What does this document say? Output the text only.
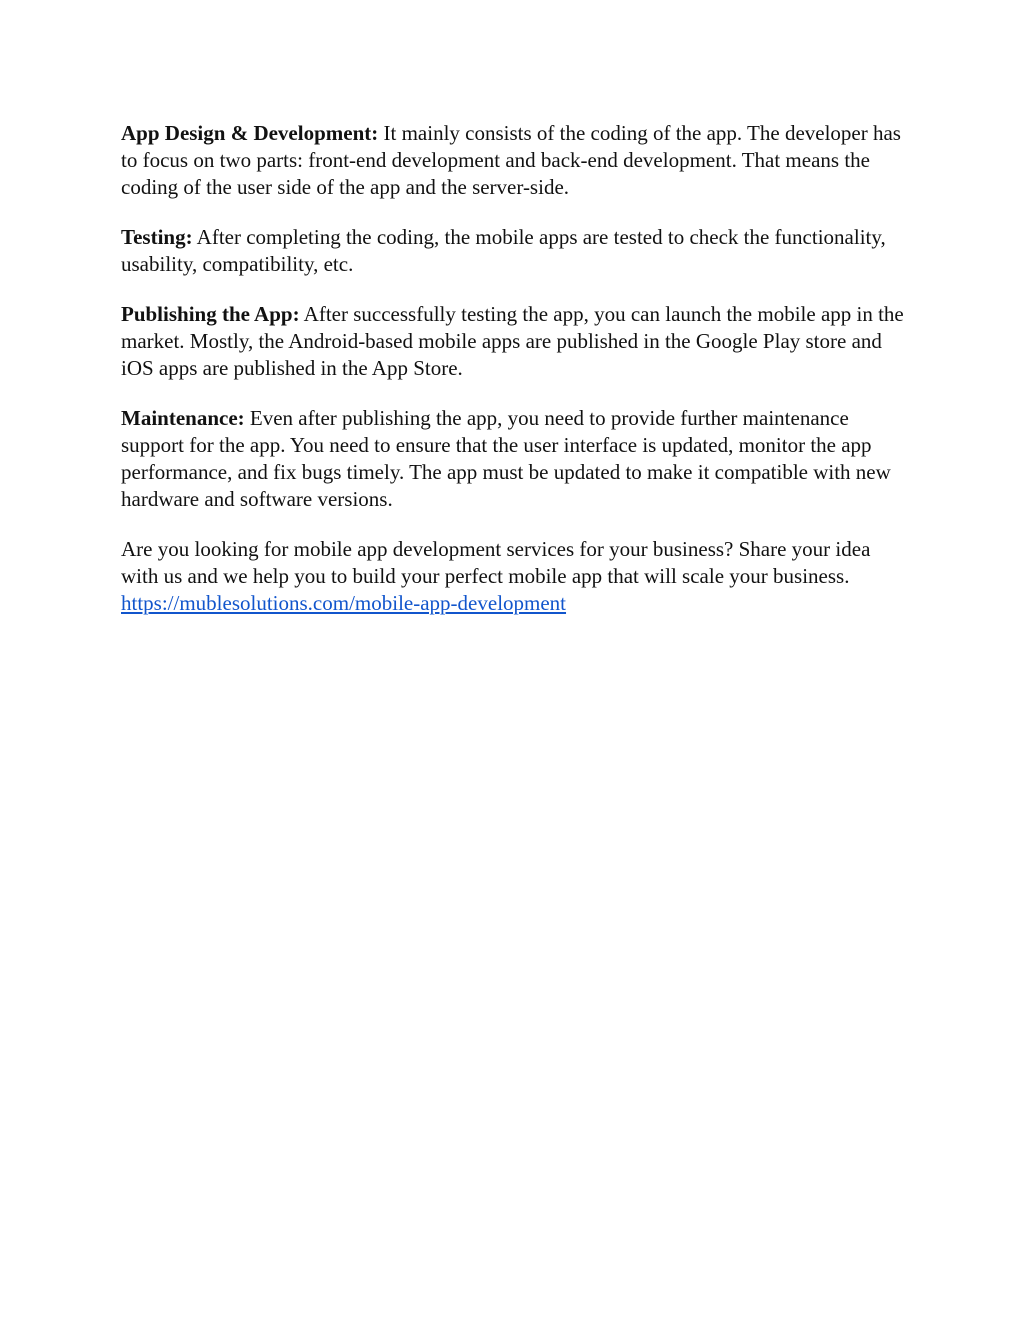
App Design & Development: It mainly consists of the coding of the app. The developer has to focus on two parts: front-end development and back-end development. That means the coding of the user side of the app and the server-side.

Testing: After completing the coding, the mobile apps are tested to check the functionality, usability, compatibility, etc.

Publishing the App: After successfully testing the app, you can launch the mobile app in the market. Mostly, the Android-based mobile apps are published in the Google Play store and iOS apps are published in the App Store.

Maintenance: Even after publishing the app, you need to provide further maintenance support for the app. You need to ensure that the user interface is updated, monitor the app performance, and fix bugs timely. The app must be updated to make it compatible with new hardware and software versions.

Are you looking for mobile app development services for your business? Share your idea with us and we help you to build your perfect mobile app that will scale your business.
https://mublesolutions.com/mobile-app-development
